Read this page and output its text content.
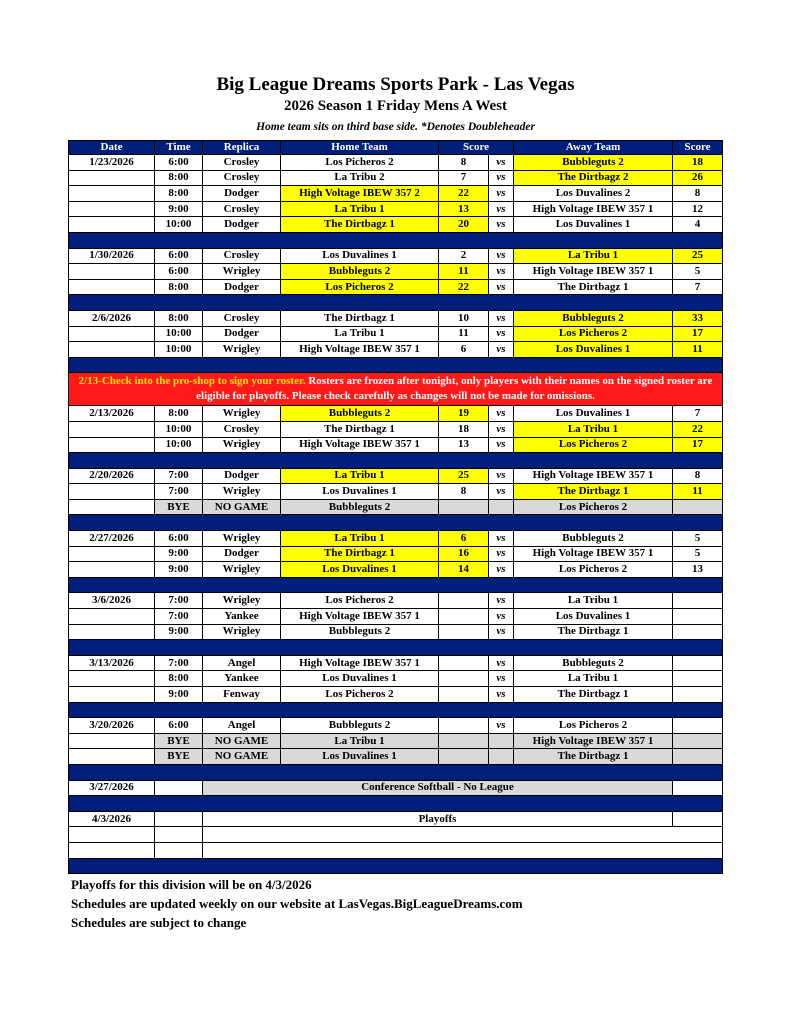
Big League Dreams Sports Park - Las Vegas
2026 Season 1 Friday Mens A West
Home team sits on third base side. *Denotes Doubleheader
Date	Time	Replica	Home Team	Score		Away Team	Score
1/23/2026	6:00	Crosley	Los Picheros 2	8	vs	Bubbleguts 2	18
	8:00	Crosley	La Tribu 2	7	vs	The Dirtbagz 2	26
	8:00	Dodger	High Voltage IBEW 357 2	22	vs	Los Duvalines 2	8
	9:00	Crosley	La Tribu 1	13	vs	High Voltage IBEW 357 1	12
	10:00	Dodger	The Dirtbagz 1	20	vs	Los Duvalines 1	4

1/30/2026	6:00	Crosley	Los Duvalines 1	2	vs	La Tribu 1	25
	6:00	Wrigley	Bubbleguts 2	11	vs	High Voltage IBEW 357 1	5
	8:00	Dodger	Los Picheros 2	22	vs	The Dirtbagz 1	7

2/6/2026	8:00	Crosley	The Dirtbagz 1	10	vs	Bubbleguts 2	33
	10:00	Dodger	La Tribu 1	11	vs	Los Picheros 2	17
	10:00	Wrigley	High Voltage IBEW 357 1	6	vs	Los Duvalines 1	11

2/13-Check into the pro-shop to sign your roster. Rosters are frozen after tonight, only players with their names on the signed roster are eligible for playoffs. Please check carefully as changes will not be made for omissions.							
2/13/2026	8:00	Wrigley	Bubbleguts 2	19	vs	Los Duvalines 1	7
	10:00	Crosley	The Dirtbagz 1	18	vs	La Tribu 1	22
	10:00	Wrigley	High Voltage IBEW 357 1	13	vs	Los Picheros 2	17

2/20/2026	7:00	Dodger	La Tribu 1	25	vs	High Voltage IBEW 357 1	8
	7:00	Wrigley	Los Duvalines 1	8	vs	The Dirtbagz 1	11
	BYE	NO GAME	Bubbleguts 2			Los Picheros 2	

2/27/2026	6:00	Wrigley	La Tribu 1	6	vs	Bubbleguts 2	5
	9:00	Dodger	The Dirtbagz 1	16	vs	High Voltage IBEW 357 1	5
	9:00	Wrigley	Los Duvalines 1	14	vs	Los Picheros 2	13

3/6/2026	7:00	Wrigley	Los Picheros 2		vs	La Tribu 1	
	7:00	Yankee	High Voltage IBEW 357 1		vs	Los Duvalines 1	
	9:00	Wrigley	Bubbleguts 2		vs	The Dirtbagz 1	

3/13/2026	7:00	Angel	High Voltage IBEW 357 1		vs	Bubbleguts 2	
	8:00	Yankee	Los Duvalines 1		vs	La Tribu 1	
	9:00	Fenway	Los Picheros 2		vs	The Dirtbagz 1	

3/20/2026	6:00	Angel	Bubbleguts 2		vs	Los Picheros 2	
	BYE	NO GAME	La Tribu 1			High Voltage IBEW 357 1	
	BYE	NO GAME	Los Duvalines 1			The Dirtbagz 1	

3/27/2026		Conference Softball - No League					

4/3/2026		Playoffs					

Playoffs for this division will be on 4/3/2026
Schedules are updated weekly on our website at LasVegas.BigLeagueDreams.com
Schedules are subject to change
